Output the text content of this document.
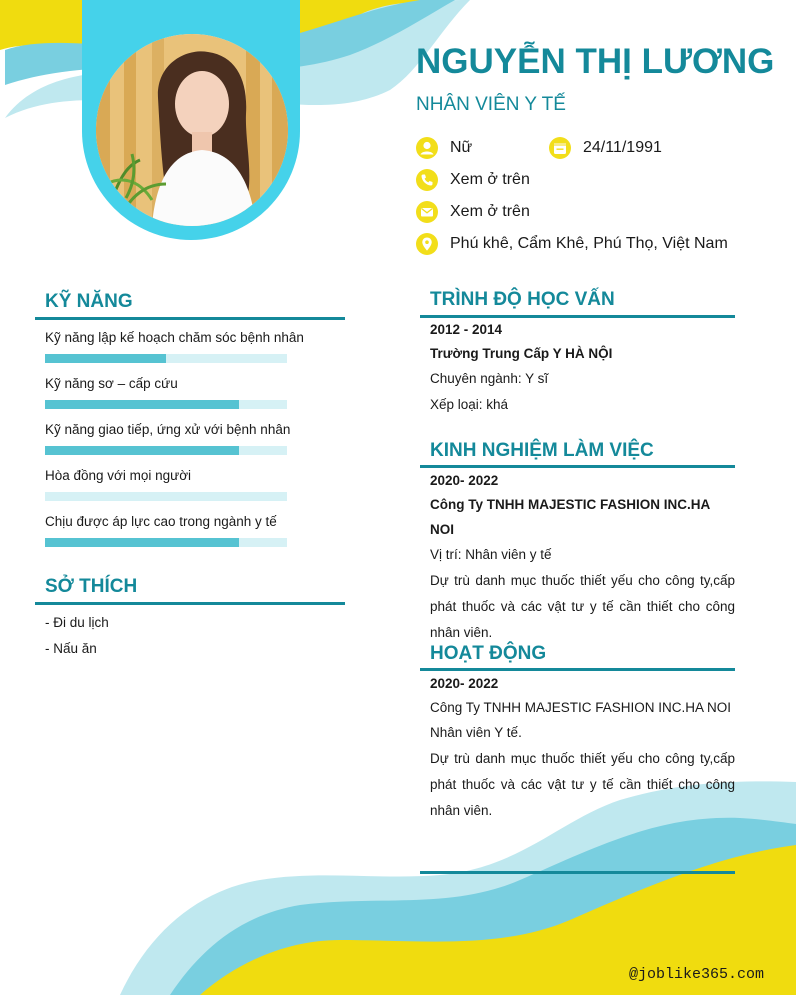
NGUYỄN THỊ LƯƠNG
NHÂN VIÊN Y TẾ
Nữ	24/11/1991
Xem ở trên
Xem ở trên
Phú khê, Cẩm Khê, Phú Thọ, Việt Nam
KỸ NĂNG
Kỹ năng lập kế hoạch chăm sóc bệnh nhân
Kỹ năng sơ – cấp cứu
Kỹ năng giao tiếp, ứng xử với bệnh nhân
Hòa đồng với mọi người
Chịu được áp lực cao trong ngành y tế
SỞ THÍCH
- Đi du lịch
- Nấu ăn
TRÌNH ĐỘ HỌC VẤN
2012 - 2014
Trường Trung Cấp Y HÀ NỘI
Chuyên ngành: Y sĩ
Xếp loại: khá
KINH NGHIỆM LÀM VIỆC
2020- 2022
Công Ty TNHH MAJESTIC FASHION INC.HA NOI
Vị trí: Nhân viên y tế
Dự trù danh mục thuốc thiết yếu cho công ty,cấp phát thuốc và các vật tư y tế cần thiết cho công nhân viên.
HOẠT ĐỘNG
2020- 2022
Công Ty TNHH MAJESTIC FASHION INC.HA NOI
Nhân viên Y tế.
Dự trù danh mục thuốc thiết yếu cho công ty,cấp phát thuốc và các vật tư y tế cần thiết cho công nhân viên.
@joblike365.com
